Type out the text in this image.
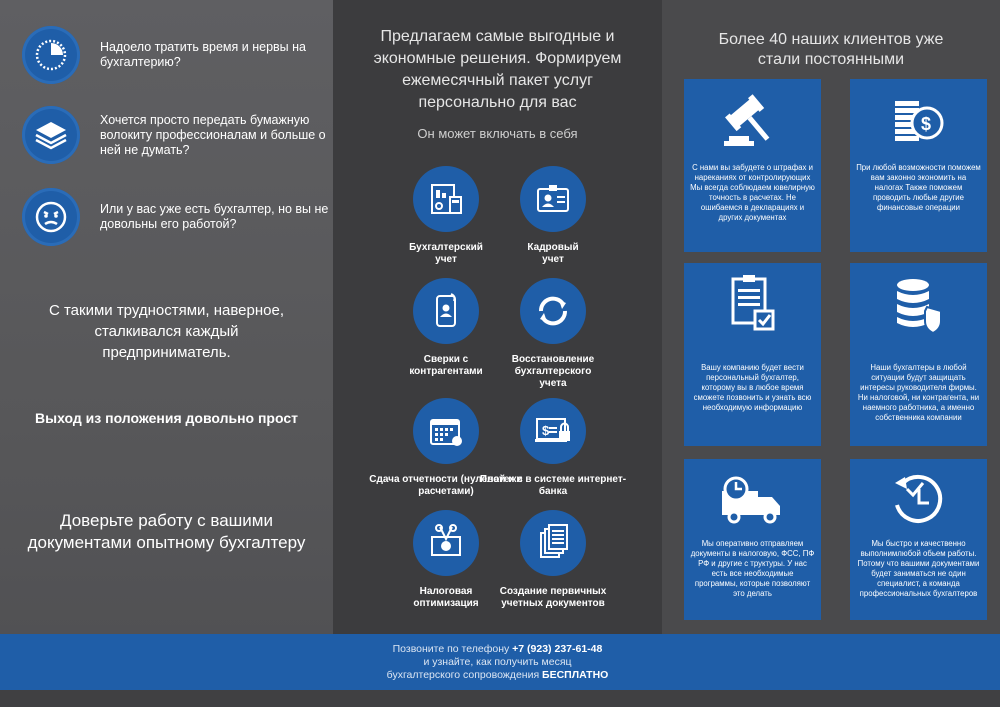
Надоело тратить время и нервы на бухгалтерию?
Хочется просто передать бумажную волокиту профессионалам и больше о ней не думать?
Или у вас уже есть бухгалтер, но вы не довольны его работой?
С такими трудностями, наверное, сталкивался каждый предприниматель.
Выход из положения довольно прост
Доверьте работу с вашими документами опытному бухгалтеру
Предлагаем самые выгодные и экономные решения. Формируем ежемесячный пакет услуг персонально для вас
Он может включать в себя
Бухгалтерский учет
Кадровый учет
Сверки с контрагентами
Восстановление бухгалтерского учета
Сдача отчетности (нулевой и с расчетами)
$
Платежи в системе интернет-банка
Налоговая оптимизация
Создание первичных учетных документов
Более 40 наших клиентов уже стали постоянными
С нами вы забудете о штрафах и нареканиях от контролирующих Мы всегда соблюдаем ювелирную точность в расчетах. Не ошибаемся в декларациях и других документах
$
При любой возможности поможем вам законно экономить на налогах Также поможем проводить любые другие финансовые операции
Вашу компанию будет вести персональный бухгалтер, которому вы в любое время сможете позвонить и узнать всю необходимую информацию
Наши бухгалтеры в любой ситуации будут защищать интересы руководителя фирмы. Ни налоговой, ни контрагента, ни наемного работника, а именно собственника компании
Мы оперативно отправляем документы в налоговую, ФСС, ПФ РФ и другие с труктуры. У нас есть все необходимые программы, которые позволяют это делать
Мы быстро и качественно выполнимлюбой обьем работы. Потому что вашими документами будет заниматься не один специалист, а команда профессиональных бухгалтеров
Позвоните по телефону +7 (923) 237-61-48
и узнайте, как получить месяц
бухгалтерского сопровождения БЕСПЛАТНО
